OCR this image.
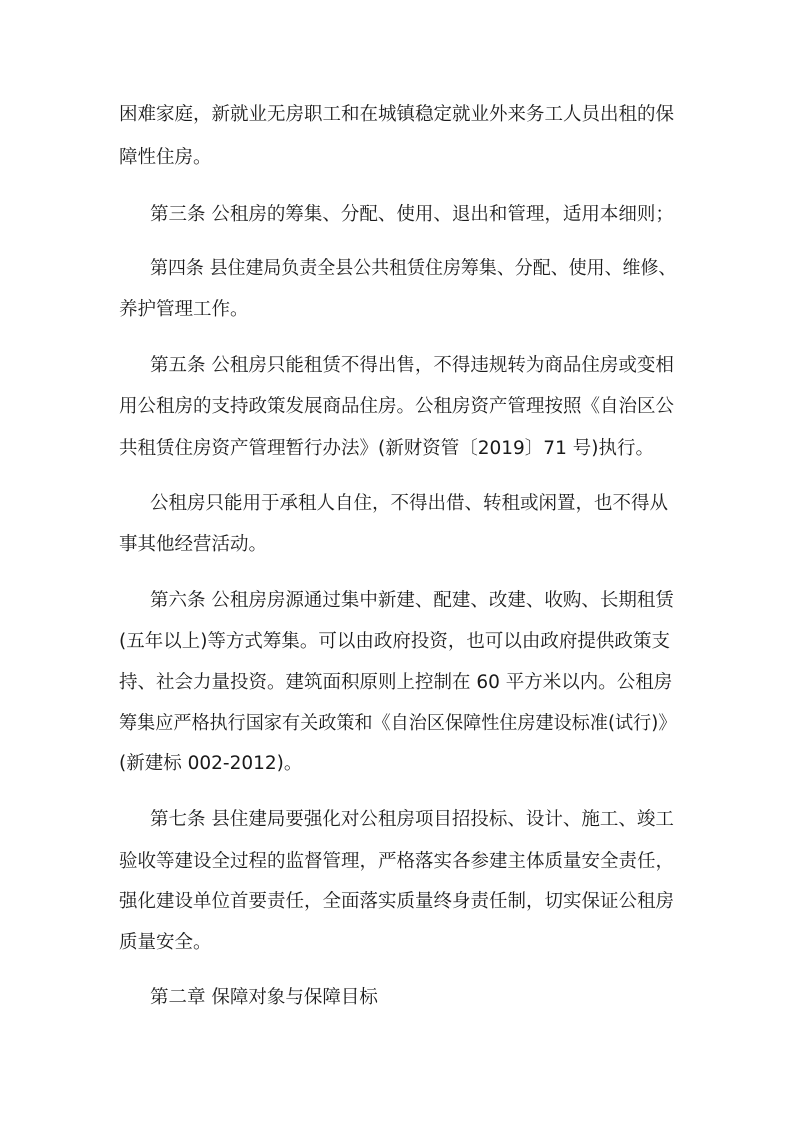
困难家庭，新就业无房职工和在城镇稳定就业外来务工人员出租的保
障性住房。
第三条 公租房的筹集、分配、使用、退出和管理，适用本细则；
第四条 县住建局负责全县公共租赁住房筹集、分配、使用、维修、
养护管理工作。
第五条 公租房只能租赁不得出售，不得违规转为商品住房或变相
用公租房的支持政策发展商品住房。公租房资产管理按照《自治区公
共租赁住房资产管理暂行办法》(新财资管〔2019〕71 号)执行。
公租房只能用于承租人自住，不得出借、转租或闲置，也不得从
事其他经营活动。
第六条 公租房房源通过集中新建、配建、改建、收购、长期租赁
(五年以上)等方式筹集。可以由政府投资，也可以由政府提供政策支
持、社会力量投资。建筑面积原则上控制在 60 平方米以内。公租房
筹集应严格执行国家有关政策和《自治区保障性住房建设标准(试行)》
(新建标 002-2012)。
第七条 县住建局要强化对公租房项目招投标、设计、施工、竣工
验收等建设全过程的监督管理，严格落实各参建主体质量安全责任，
强化建设单位首要责任，全面落实质量终身责任制，切实保证公租房
质量安全。
第二章 保障对象与保障目标
